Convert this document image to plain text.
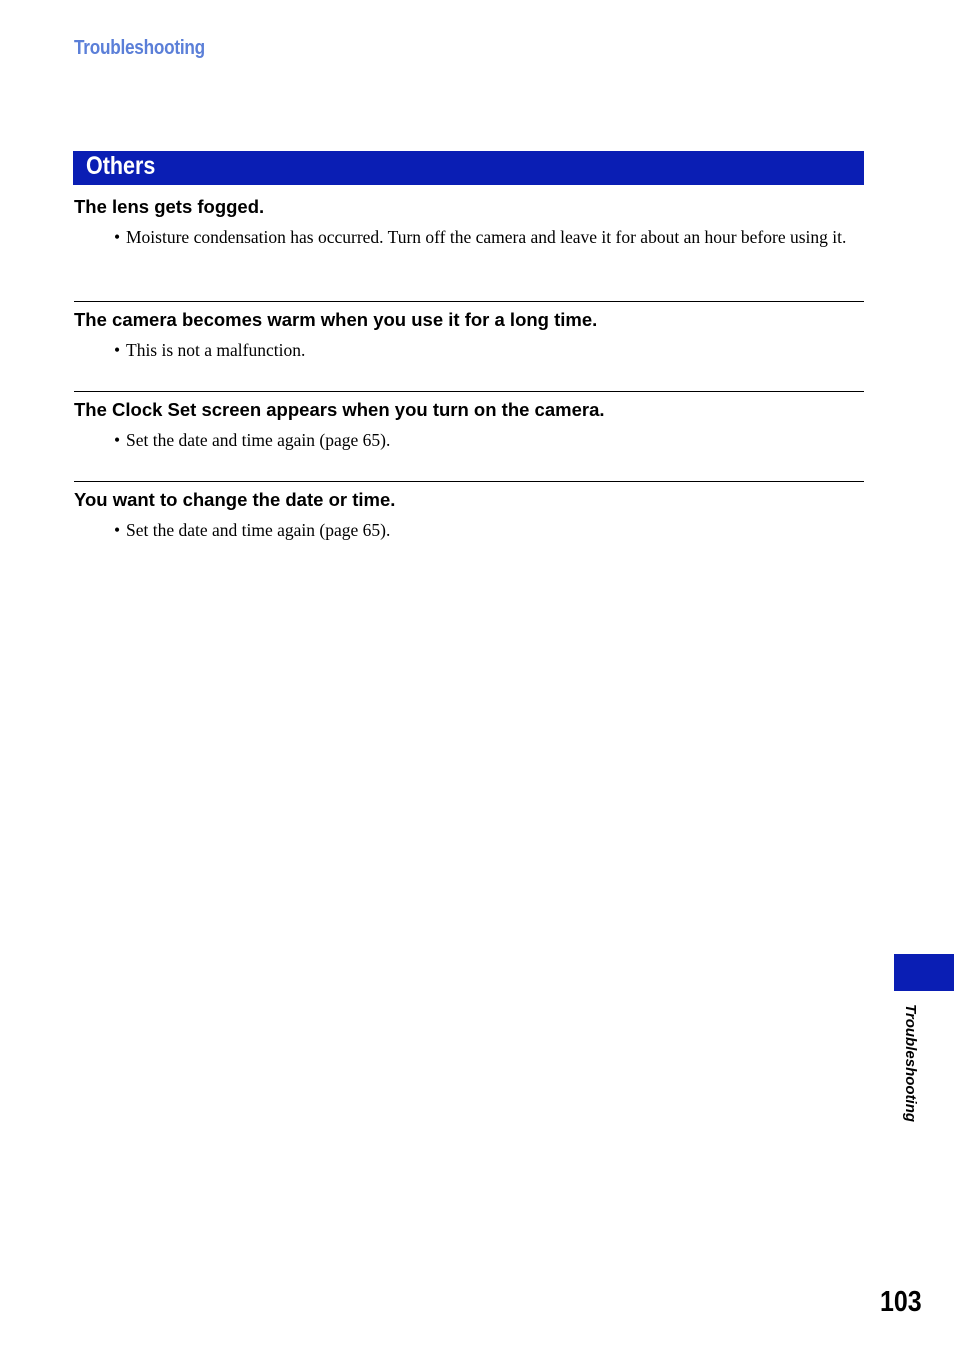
Troubleshooting
Others
The lens gets fogged.

• Moisture condensation has occurred. Turn off the camera and leave it for about an hour before using it.

The camera becomes warm when you use it for a long time.

• This is not a malfunction.

The Clock Set screen appears when you turn on the camera.

• Set the date and time again (page 65).

You want to change the date or time.

• Set the date and time again (page 65).

Troubleshooting
103
